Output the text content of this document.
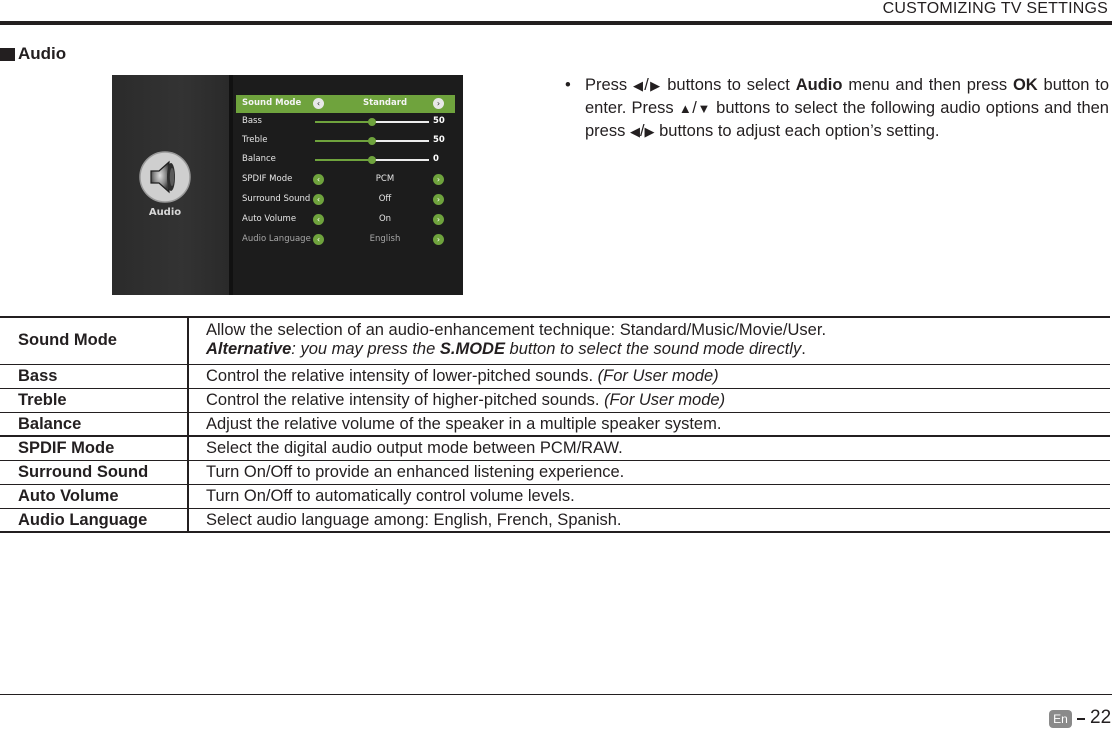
CUSTOMIZING TV SETTINGS
Audio
Audio
Sound Mode	‹	Standard	›
Bass	50
Treble	50
Balance	0
SPDIF Mode	‹	PCM	›
Surround Sound ‹	Off	›
Auto Volume	‹	On	›
Audio Language ‹	English	›
• Press ◀/▶ buttons to select Audio menu and then press OK button to enter. Press ▲/▼ buttons to select the following audio options and then press ◀/▶ buttons to adjust each option’s setting.
Sound Mode	Allow the selection of an audio-enhancement technique: Standard/Music/Movie/User.
Alternative: you may press the S.MODE button to select the sound mode directly.

Bass	Control the relative intensity of lower-pitched sounds. (For User mode)
Treble	Control the relative intensity of higher-pitched sounds. (For User mode)
Balance	Adjust the relative volume of the speaker in a multiple speaker system.
SPDIF Mode	Select the digital audio output mode between PCM/RAW.
Surround Sound	Turn On/Off to provide an enhanced listening experience.
Auto Volume	Turn On/Off to automatically control volume levels.
Audio Language	Select audio language among: English, French, Spanish.
En 22
